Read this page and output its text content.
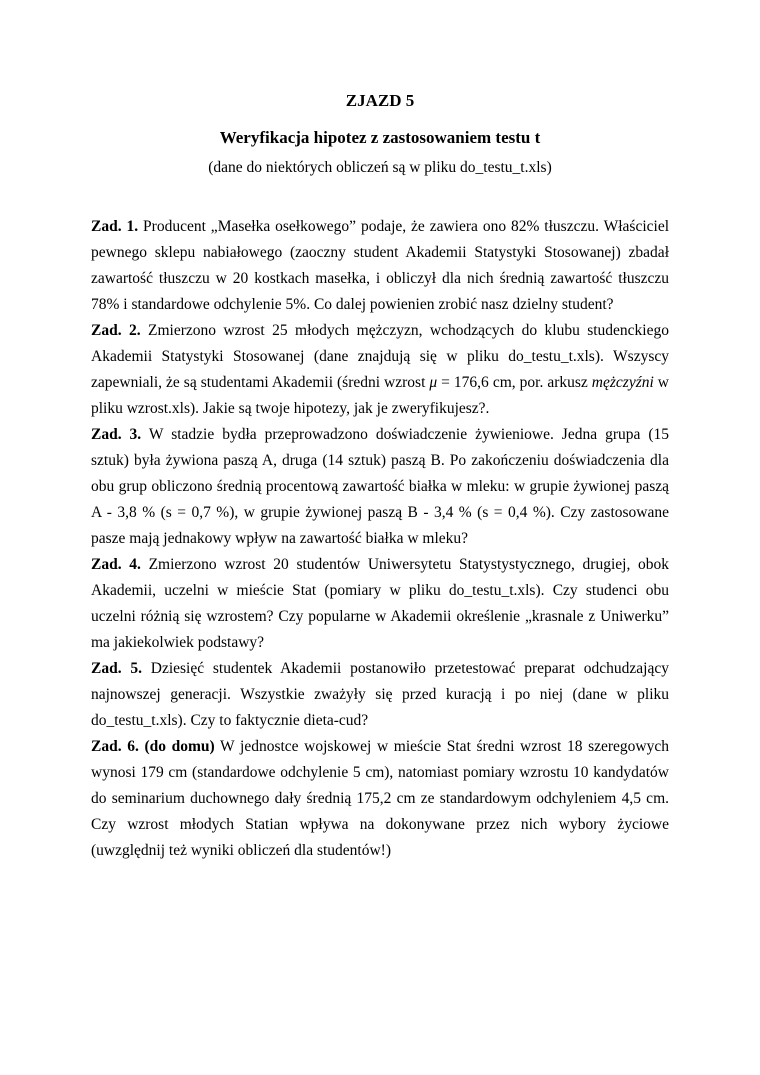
ZJAZD 5
Weryfikacja hipotez z zastosowaniem testu t
(dane do niektórych obliczeń są w pliku do_testu_t.xls)

Zad. 1. Producent „Masełka osełkowego” podaje, że zawiera ono 82% tłuszczu. Właściciel pewnego sklepu nabiałowego (zaoczny student Akademii Statystyki Stosowanej) zbadał zawartość tłuszczu w 20 kostkach masełka, i obliczył dla nich średnią zawartość tłuszczu 78% i standardowe odchylenie 5%. Co dalej powienien zrobić nasz dzielny student?

Zad. 2. Zmierzono wzrost 25 młodych mężczyzn, wchodzących do klubu studenckiego Akademii Statystyki Stosowanej (dane znajdują się w pliku do_testu_t.xls). Wszyscy zapewniali, że są studentami Akademii (średni wzrost μ = 176,6 cm, por. arkusz mężczyźni w pliku wzrost.xls). Jakie są twoje hipotezy, jak je zweryfikujesz?.

Zad. 3. W stadzie bydła przeprowadzono doświadczenie żywieniowe. Jedna grupa (15 sztuk) była żywiona paszą A, druga (14 sztuk) paszą B. Po zakończeniu doświadczenia dla obu grup obliczono średnią procentową zawartość białka w mleku: w grupie żywionej paszą A - 3,8 % (s = 0,7 %), w grupie żywionej paszą B - 3,4 % (s = 0,4 %). Czy zastosowane pasze mają jednakowy wpływ na zawartość białka w mleku?

Zad. 4. Zmierzono wzrost 20 studentów Uniwersytetu Statystystycznego, drugiej, obok Akademii, uczelni w mieście Stat (pomiary w pliku do_testu_t.xls). Czy studenci obu uczelni różnią się wzrostem? Czy popularne w Akademii określenie „krasnale z Uniwerku” ma jakiekolwiek podstawy?

Zad. 5. Dziesięć studentek Akademii postanowiło przetestować preparat odchudzający najnowszej generacji. Wszystkie zważyły się przed kuracją i po niej (dane w pliku do_testu_t.xls). Czy to faktycznie dieta-cud?

Zad. 6. (do domu) W jednostce wojskowej w mieście Stat średni wzrost 18 szeregowych wynosi 179 cm (standardowe odchylenie 5 cm), natomiast pomiary wzrostu 10 kandydatów do seminarium duchownego dały średnią 175,2 cm ze standardowym odchyleniem 4,5 cm. Czy wzrost młodych Statian wpływa na dokonywane przez nich wybory życiowe (uwzględnij też wyniki obliczeń dla studentów!)
